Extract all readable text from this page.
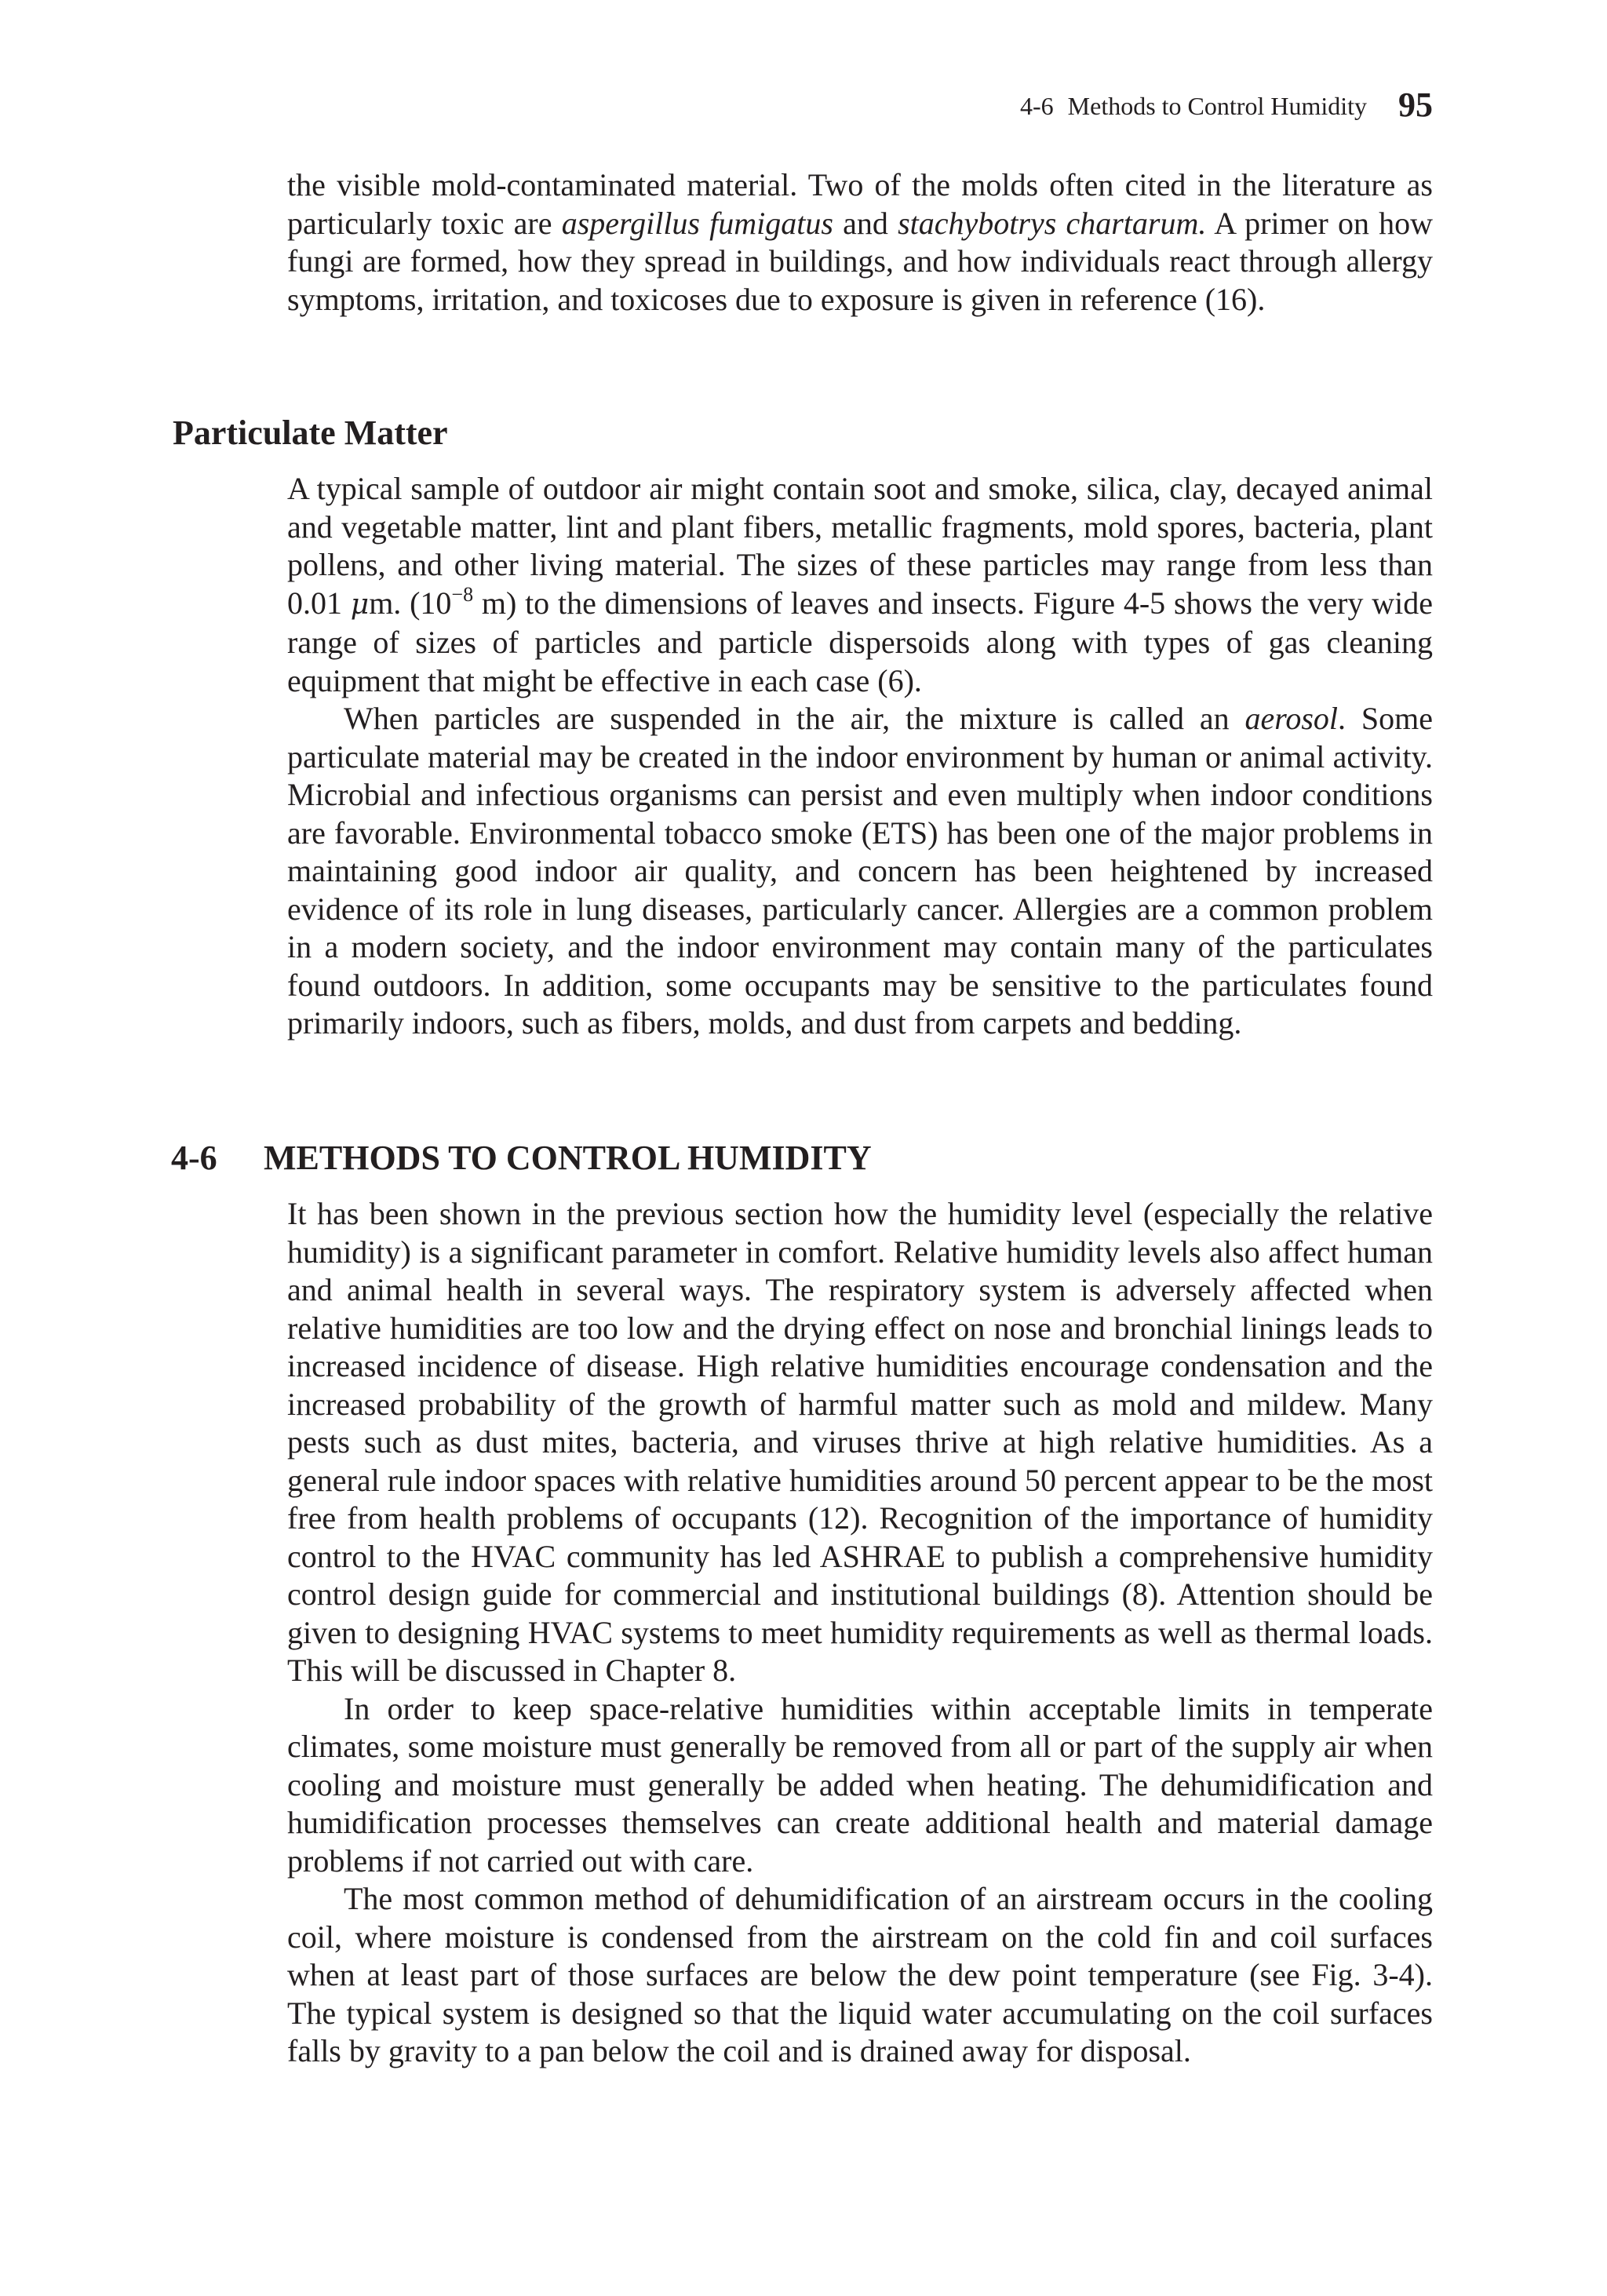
4-6 Methods to Control Humidity 95

the visible mold-contaminated material. Two of the molds often cited in the literature as particularly toxic are aspergillus fumigatus and stachybotrys chartarum. A primer on how fungi are formed, how they spread in buildings, and how individuals react through allergy symptoms, irritation, and toxicoses due to exposure is given in reference (16).

Particulate Matter

A typical sample of outdoor air might contain soot and smoke, silica, clay, decayed animal and vegetable matter, lint and plant fibers, metallic fragments, mold spores, bacteria, plant pollens, and other living material. The sizes of these particles may range from less than 0.01 μm. ($10^{-8}$ m) to the dimensions of leaves and insects. Figure 4-5 shows the very wide range of sizes of particles and particle dispersoids along with types of gas cleaning equipment that might be effective in each case (6).

When particles are suspended in the air, the mixture is called an aerosol. Some particulate material may be created in the indoor environment by human or animal activity. Microbial and infectious organisms can persist and even multiply when indoor conditions are favorable. Environmental tobacco smoke (ETS) has been one of the major problems in maintaining good indoor air quality, and concern has been heightened by increased evidence of its role in lung diseases, particularly cancer. Allergies are a common problem in a modern society, and the indoor environment may contain many of the particulates found outdoors. In addition, some occupants may be sensitive to the particulates found primarily indoors, such as fibers, molds, and dust from carpets and bedding.

4-6 METHODS TO CONTROL HUMIDITY

It has been shown in the previous section how the humidity level (especially the relative humidity) is a significant parameter in comfort. Relative humidity levels also affect human and animal health in several ways. The respiratory system is adversely affected when relative humidities are too low and the drying effect on nose and bronchial linings leads to increased incidence of disease. High relative humidities encourage condensation and the increased probability of the growth of harmful matter such as mold and mildew. Many pests such as dust mites, bacteria, and viruses thrive at high relative humidities. As a general rule indoor spaces with relative humidities around 50 percent appear to be the most free from health problems of occupants (12). Recognition of the importance of humidity control to the HVAC community has led ASHRAE to publish a comprehensive humidity control design guide for commercial and institutional buildings (8). Attention should be given to designing HVAC systems to meet humidity requirements as well as thermal loads. This will be discussed in Chapter 8.

In order to keep space-relative humidities within acceptable limits in temperate climates, some moisture must generally be removed from all or part of the supply air when cooling and moisture must generally be added when heating. The dehumidification and humidification processes themselves can create additional health and material damage problems if not carried out with care.

The most common method of dehumidification of an airstream occurs in the cooling coil, where moisture is condensed from the airstream on the cold fin and coil surfaces when at least part of those surfaces are below the dew point temperature (see Fig. 3-4). The typical system is designed so that the liquid water accumulating on the coil surfaces falls by gravity to a pan below the coil and is drained away for disposal.
